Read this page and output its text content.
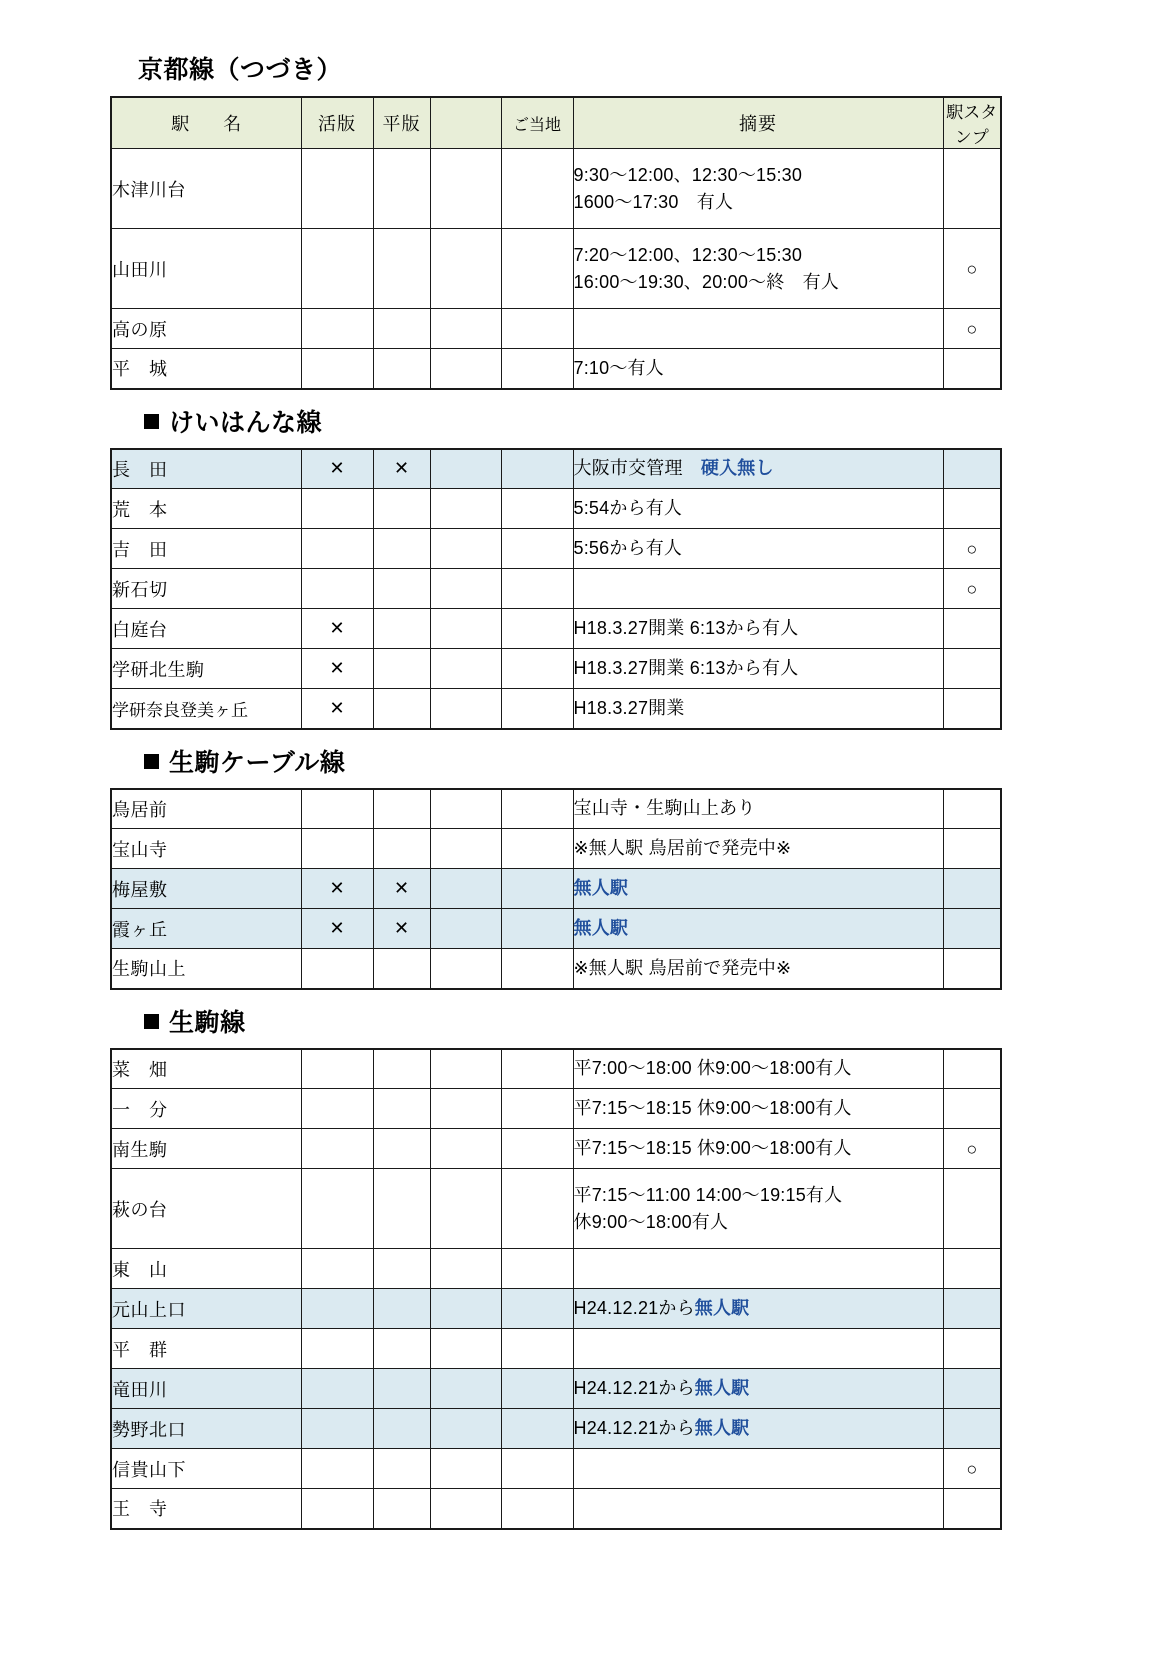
京都線（つづき）
駅　名	活版	平版		ご当地	摘要	駅スタンプ
木津川台					9:30〜12:00、12:30〜15:30
1600〜17:30　有人	

山田川					7:20〜12:00、12:30〜15:30
16:00〜19:30、20:00〜終　有人	○
高の原						○
平　城					7:10〜有人	
けいはんな線
長　田	✕	✕			大阪市交管理　硬入無し	
荒　本					5:54から有人	
吉　田					5:56から有人	○
新石切						○
白庭台	✕				H18.3.27開業 6:13から有人	
学研北生駒	✕				H18.3.27開業 6:13から有人	
学研奈良登美ヶ丘	✕				H18.3.27開業	
生駒ケーブル線
鳥居前					宝山寺・生駒山上あり	
宝山寺					※無人駅 鳥居前で発売中※	
梅屋敷	✕	✕			無人駅	
霞ヶ丘	✕	✕			無人駅	
生駒山上					※無人駅 鳥居前で発売中※	
生駒線
菜　畑					平7:00〜18:00 休9:00〜18:00有人	
一　分					平7:15〜18:15 休9:00〜18:00有人	
南生駒					平7:15〜18:15 休9:00〜18:00有人	○
萩の台					平7:15〜11:00 14:00〜19:15有人
休9:00〜18:00有人	

東　山						
元山上口					H24.12.21から無人駅	
平　群						
竜田川					H24.12.21から無人駅	
勢野北口					H24.12.21から無人駅	
信貴山下						○
王　寺						
